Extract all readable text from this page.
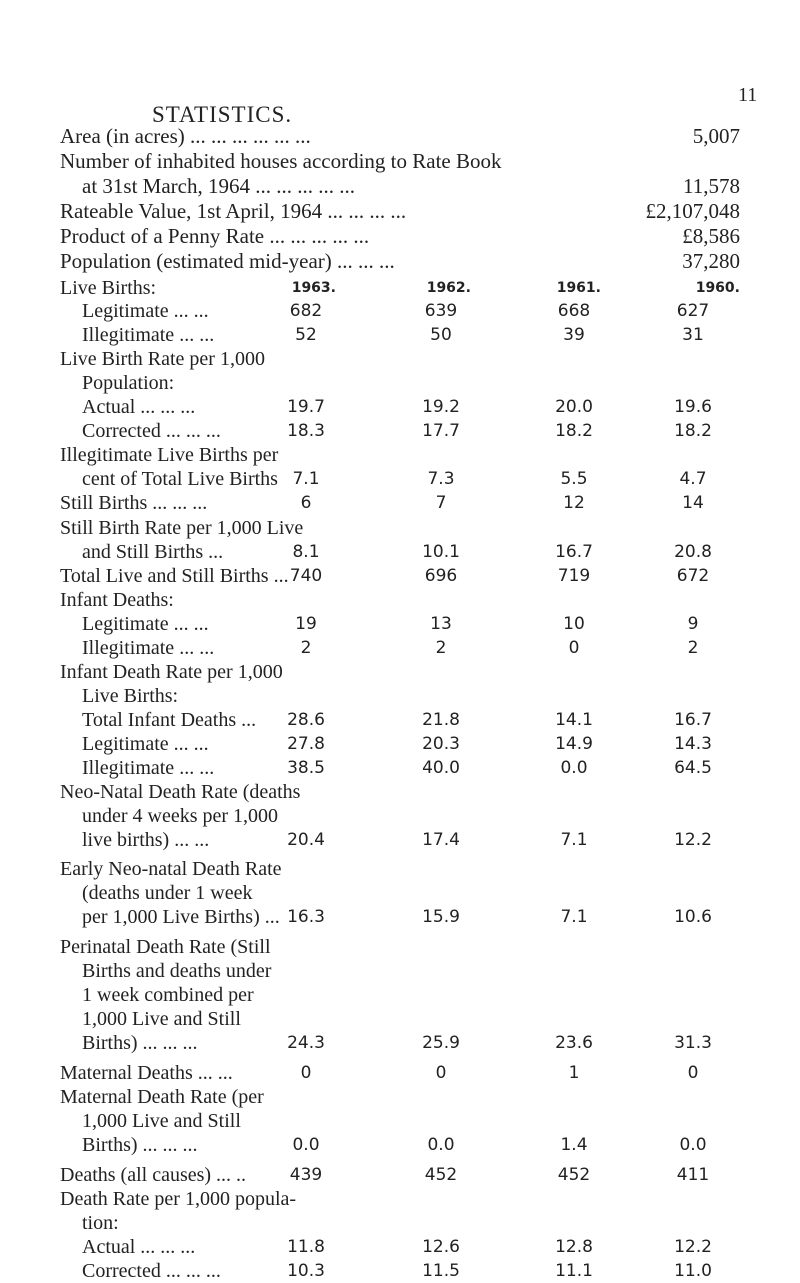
11
STATISTICS.
Area (in acres) ... ... ... ... ... ...	5,007
Number of inhabited houses according to Rate Book
at 31st March, 1964 ... ... ... ... ...	11,578
Rateable Value, 1st April, 1964 ... ... ... ...	£2,107,048
Product of a Penny Rate ... ... ... ... ...	£8,586
Population (estimated mid-year) ... ... ...	37,280
1963.	1962.	1961.	1960.
Live Births:
Legitimate ... ...	682	639	668	627
Illegitimate ... ...	52	50	39	31
Live Birth Rate per 1,000
Population:
Actual ... ... ...	19.7	19.2	20.0	19.6
Corrected ... ... ...	18.3	17.7	18.2	18.2
Illegitimate Live Births per
cent of Total Live Births 7.1	7.3	5.5	4.7
Still Births ... ... ...	6	7	12	14
Still Birth Rate per 1,000 Live
and Still Births ...	8.1	10.1	16.7	20.8
Total Live and Still Births ... 740	696	719	672
Infant Deaths:
Legitimate ... ...	19	13	10	9
Illegitimate ... ...	2	2	0	2
Infant Death Rate per 1,000
Live Births:
Total Infant Deaths ...	28.6	21.8	14.1	16.7
Legitimate ... ...	27.8	20.3	14.9	14.3
Illegitimate ... ...	38.5	40.0	0.0	64.5
Neo-Natal Death Rate (deaths
under 4 weeks per 1,000
live births) ... ...	20.4	17.4	7.1	12.2
Early Neo-natal Death Rate
(deaths under 1 week
per 1,000 Live Births) ... 16.3	15.9	7.1	10.6
Perinatal Death Rate (Still
Births and deaths under
1 week combined per
1,000 Live and Still
Births) ... ... ...	24.3	25.9	23.6	31.3
Maternal Deaths ... ...	0	0	1	0
Maternal Death Rate (per
1,000 Live and Still
Births) ... ... ...	0.0	0.0	1.4	0.0
Deaths (all causes) ... ..	439	452	452	411
Death Rate per 1,000 popula-
tion:
Actual ... ... ...	11.8	12.6	12.8	12.2
Corrected ... ... ...	10.3	11.5	11.1	11.0
